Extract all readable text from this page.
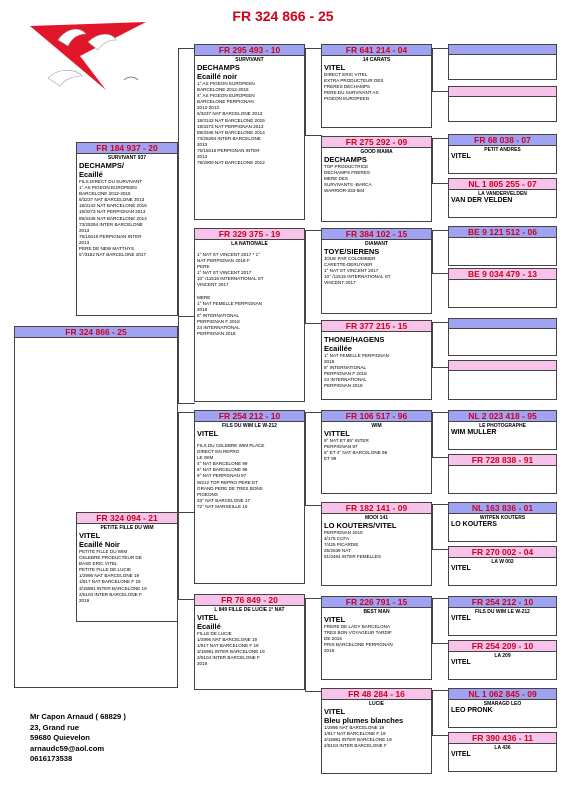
FR 324 866 - 25
FR 324 866 - 25
FR 184 937 - 20
SURVIVANT 937
DECHAMPS/
Ecaillé
FILS DIRECT DU SURVIVANT
1° AS PIGEON EUROPEEN
BARCELONE 2012-2015
6/3237 NAT BARCELONE 2013
18/3142 NAT BARCELONE 2015
19/3273 NAT PERPIGNAN 2013
89/3346 NAT BARCELONE 2014
73/25294 INTER BARCELONE
2013
75/15016 PERPIGNAN INTER
2013
PERE DE NEW MATTHYS
5°/3152 NAT BARCELONE 2017
FR 324 094 - 21
PETITE FILLE DU WIM
VITEL
Ecaillé Noir
PETITE FILLE DU WIM
CELEBRE PRODUCTEUR DE
BASE ERIC VITEL
PETITE FILLE DE LUCIE
1/2996 NAT BARCELONE 19
1/917 NAT BARCELONE F 19
3/15981 INTER BARCELONE 19
2/5104 INTER BARCELONE F
2019
FR 295 493 - 10
SURVIVANT
DECHAMPS
Ecaillé noir
1° AS PIGEON EUROPEEN
BARCELONE 2012-2015
4° AS PIGEON EUROPEEN
BARCELONE PERPIGNAN
2012-2013
6/3237 NAT BARCELONE 2013
18/3142 NAT BARCELONE 2015
19/3273 NAT PERPIGNAN 2013
89/3346 NAT BARCELONE 2014
73/25294 INTER BARCELONE
2013
75/15016 PERPIGNAN INTER
2013
79/2900 NAT BARCELONE 2012
FR 329 375 - 19
LA NATIONALE
1° NAT ST VINCENT 2017 * 1°
NAT PERPIGNAN 2018 F
PERE
1° NAT ST VINCENT 2017
10° /11515 INTERNATIONAL ST
VINCENT 2017

MERE
1° NAT FEMELLE PERPIGNAN
2018
8° INTERNATIONAL
PERPIGNAN F 2018
24 INTERNATIONAL
PERPIGNAN 2018
FR 254 212 - 10
FILS DU WIM LE W-212
VITEL
FILS DU CELEBRE WIM PLACE
DIRECT EN REPRO
LE WIM
4° NAT BARCELONE 99
6° NAT BARCELONE 98
9° NAT PERPIGNAN 97
W212 TOP REPRO PERE ET
GRAND PERE DE TRES BONS
PIGEONS
53° NAT BARCELONE 17
72° NAT MARSEILLE 15
FR 76 849 - 20
L 849 FILLE DE LUCIE 1° NAT
VITEL
Ecaillé
FILLE DE LUCIE
1/2996 NAT BARCELONE 19
1/917 NAT BARCELONE F 19
3/15981 INTER BARCELONE 19
2/5104 INTER BARCELONE F
2019
FR 641 214 - 04
14 CARATS
VITEL
DIRECT ERIC VITEL
EXTRA PRODUCTEUR DES
FRERES DECHAMPS
PERE DU SURVIVANT AS
PIGEON EUROPEEN
FR 275 292 - 09
GOOD MAMA
DECHAMPS
TOP PRODUCTRICE
DECHAMPS FRERES
MERE DES
SURVIVANTS -BARCA
WARRIOR-333-584
FR 384 102 - 15
DIAMANT
TOYE/SIERENS
JOUE PAR COLOMBIER
CARETTE-DERUYVER
1° NAT ST VINCENT 2017
10° /11515 INTERNATIONAL ST
VINCENT 2017
FR 377 215 - 15
THONE/HAGENS
Ecaillée
1° NAT FEMELLE PERPIGNAN
2018
8° INTERNATIONAL
PERPIGNAN F 2018
24 INTERNATIONAL
PERPIGNAN 2018
FR 106 517 - 96
WIM
VITTEL
9° NAT ET 85° INTER
PERPIGNAN 97
6° ET 4° NAT BARCELONE 98
ET 99
FR 182 141 - 09
MOOI 141
LO KOUTERS/VITEL
PERPIGNAN 2010
4/175 CCFA
7/425 PICARDIE
25/2639 NAT
51/3464 INTER FEMELLES
FR 226 791 - 15
BEST MAN
VITEL
FRERE DE LADY BARCELONA
TRES BON VOYAGEUR TARDIF
DE 2015
PRIX BARCELONE PERPIGNAN
2018
FR 48 284 - 16
LUCIE
VITEL
Bleu plumes blanches
1/2996 NAT BARCELONE 19
1/917 NAT BARCELONE F 19
3/15981 INTER BARCELONE 19
2/5104 INTER BARCELONE F
FR 68 038 - 07
PETIT ANDRES
VITEL
NL 1 805 255 - 07
LA VANDERVELDEN
VAN DER VELDEN
BE 9 121 512 - 06
BE 9 034 479 - 13
NL 2 023 418 - 95
LE PHOTOGRAPHE
WIM MULLER
FR 728 838 - 91
NL 163 836 - 01
WITPEN KOUTERS
LO KOUTERS
FR 270 002 - 04
LA W 002
VITEL
FR 254 212 - 10
FILS DU WIM LE W-212
VITEL
FR 254 209 - 10
LA 209
VITEL
NL 1 062 845 - 09
SMARAGD LEO
LEO PRONK
FR 390 436 - 11
LA 436
VITEL
Mr Capon Arnaud ( 68829 )
23, Grand rue
59680 Quievelon
arnaudc59@aol.com
0616173538
